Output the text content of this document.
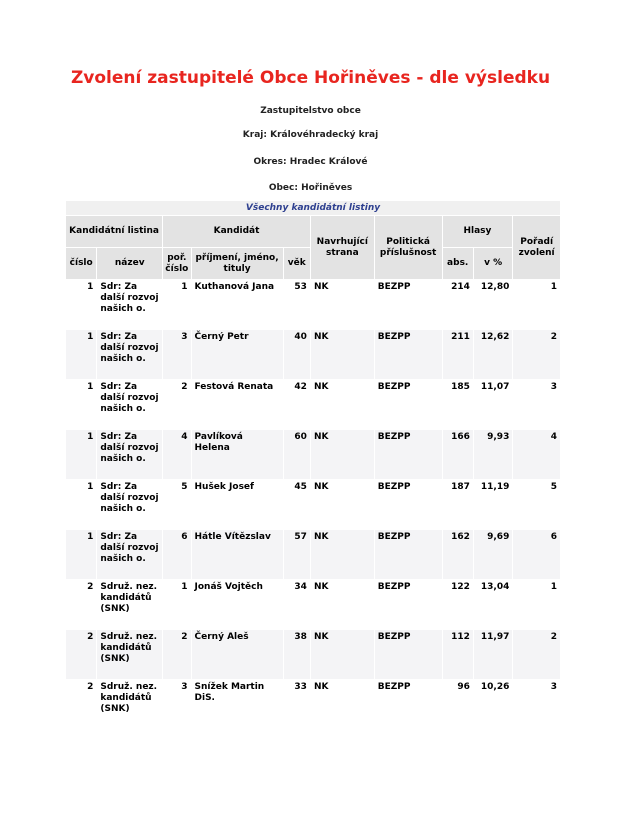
Zvolení zastupitelé Obce Hořiněves - dle výsledku
Zastupitelstvo obce
Kraj: Královéhradecký kraj
Okres: Hradec Králové
Obec: Hořiněves
Všechny kandidátní listiny									
Kandidátní listina		Kandidát			Navrhující strana	Politická příslušnost	Hlasy		Pořadí zvolení
číslo	název	poř. číslo	příjmení, jméno, tituly	věk			abs.	v %	
1	Sdr: Za další rozvoj našich o.	1	Kuthanová Jana	53	NK	BEZPP	214	12,80	1
1	Sdr: Za další rozvoj našich o.	3	Černý Petr	40	NK	BEZPP	211	12,62	2
1	Sdr: Za další rozvoj našich o.	2	Festová Renata	42	NK	BEZPP	185	11,07	3
1	Sdr: Za další rozvoj našich o.	4	Pavlíková Helena	60	NK	BEZPP	166	9,93	4
1	Sdr: Za další rozvoj našich o.	5	Hušek Josef	45	NK	BEZPP	187	11,19	5
1	Sdr: Za další rozvoj našich o.	6	Hátle Vítězslav	57	NK	BEZPP	162	9,69	6
2	Sdruž. nez. kandidátů (SNK)	1	Jonáš Vojtěch	34	NK	BEZPP	122	13,04	1
2	Sdruž. nez. kandidátů (SNK)	2	Černý Aleš	38	NK	BEZPP	112	11,97	2
2	Sdruž. nez. kandidátů (SNK)	3	Snížek Martin DiS.	33	NK	BEZPP	96	10,26	3
